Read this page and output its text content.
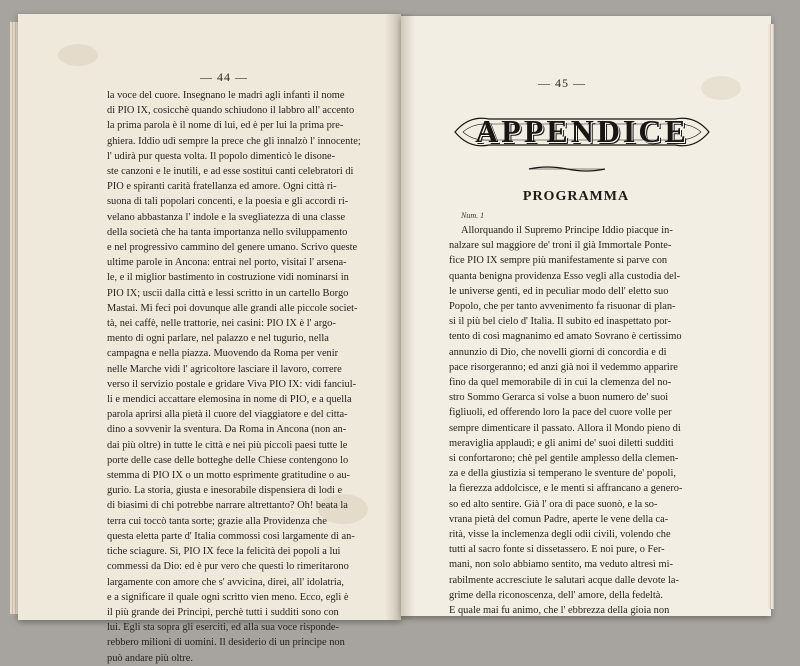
— 44 —
la voce del cuore. Insegnano le madri agli infanti il nome
di PIO IX, cosicchè quando schiudono il labbro all' accento
la prima parola è il nome di lui, ed è per lui la prima pre-
ghiera. Iddio udì sempre la prece che gli innalzò l' innocente;
l' udirà pur questa volta. Il popolo dimenticò le disone-
ste canzoni e le inutili, e ad esse sostituì canti celebratori di
PIO e spiranti carità fratellanza ed amore. Ogni città ri-
suona di tali popolari concenti, e la poesia e gli accordi ri-
velano abbastanza l' indole e la sveglìatezza di una classe
della società che ha tanta importanza nello sviluppamento
e nel progressivo cammino del genere umano. Scrivo queste
ultime parole in Ancona: entrai nel porto, visitai l' arsena-
le, e il miglior bastimento in costruzione vidi nominarsi in
PIO IX; uscii dalla città e lessi scritto in un cartello Borgo
Mastai. Mi feci poi dovunque alle grandi alle piccole societ-
tà, nei caffè, nelle trattorie, nei casini: PIO IX è l' argo-
mento di ogni parlare, nel palazzo e nel tugurio, nella
campagna e nella piazza. Muovendo da Roma per venir
nelle Marche vidi l' agricoltore lasciare il lavoro, correre
verso il servizio postale e gridare Viva PIO IX: vidi fanciul-
li e mendici accattare elemosina in nome di PIO, e a quella
parola aprirsi alla pietà il cuore del viaggiatore e del citta-
dino a sovvenir la sventura. Da Roma in Ancona (non an-
dai più oltre) in tutte le città e nei più piccoli paesi tutte le
porte delle case delle botteghe delle Chiese contengono lo
stemma di PIO IX o un motto esprimente gratitudine o au-
gurio. La storia, giusta e inesorabile dispensiera di lodi e
di biasimi di chi potrebbe narrare altrettanto? Oh! beata la
terra cui toccò tanta sorte; grazie alla Providenza che
questa eletta parte d' Italia commossi cosi largamente di an-
tiche sciagure. Sì, PIO IX fece la felicità dei popoli a lui
commessi da Dio: ed è pur vero che questi lo rimeritarono
largamente con amore che s' avvicina, direi, all' idolatria,
e a significare il quale ogni scritto vien meno. Ecco, egli è
il più grande dei Principi, perchè tutti i sudditi sono con
lui. Egli sta sopra gli eserciti, ed alla sua voce risponde-
rebbero milioni di uomini. Il desiderio di un principe non
può andare più oltre.
— 45 —
APPENDICE
PROGRAMMA
Num. 1
Allorquando il Supremo Principe Iddio piacque in-
nalzare sul maggiore de' troni il già Immortale Ponte-
fice PIO IX sempre più manifestamente si parve con
quanta benigna providenza Esso vegli alla custodia del-
le universe genti, ed in peculiar modo dell' eletto suo
Popolo, che per tanto avvenimento fa risuonar di plan-
si il più bel cielo d' Italia. Il subito ed inaspettato por-
tento di così magnanimo ed amato Sovrano è certissimo
annunzio di Dio, che novelli giorni di concordia e di
pace risorgeranno; ed anzi già noi il vedemmo apparire
fino da quel memorabile di in cui la clemenza del no-
stro Sommo Gerarca si volse a buon numero de' suoi
figliuoli, ed offerendo loro la pace del cuore volle per
sempre dimenticare il passato. Allora il Mondo pieno di
meraviglia applaudì; e gli animi de' suoi diletti sudditi
si confortarono; chè pel gentile amplesso della clemen-
za e della giustizia si temperano le sventure de' popoli,
la fierezza addolcisce, e le menti si affrancano a genero-
so ed alto sentire. Già l' ora di pace suonò, e la so-
vrana pietà del comun Padre, aperte le vene della ca-
rità, visse la inclemenza degli odii civili, volendo che
tutti al sacro fonte si dissetassero. E noi pure, o Fer-
mani, non solo abbiamo sentito, ma veduto altresì mi-
rabilmente accresciute le salutari acque dalle devote la-
grime della riconoscenza, dell' amore, della fedeltà.
E quale mai fu animo, che l' ebbrezza della gioia non
